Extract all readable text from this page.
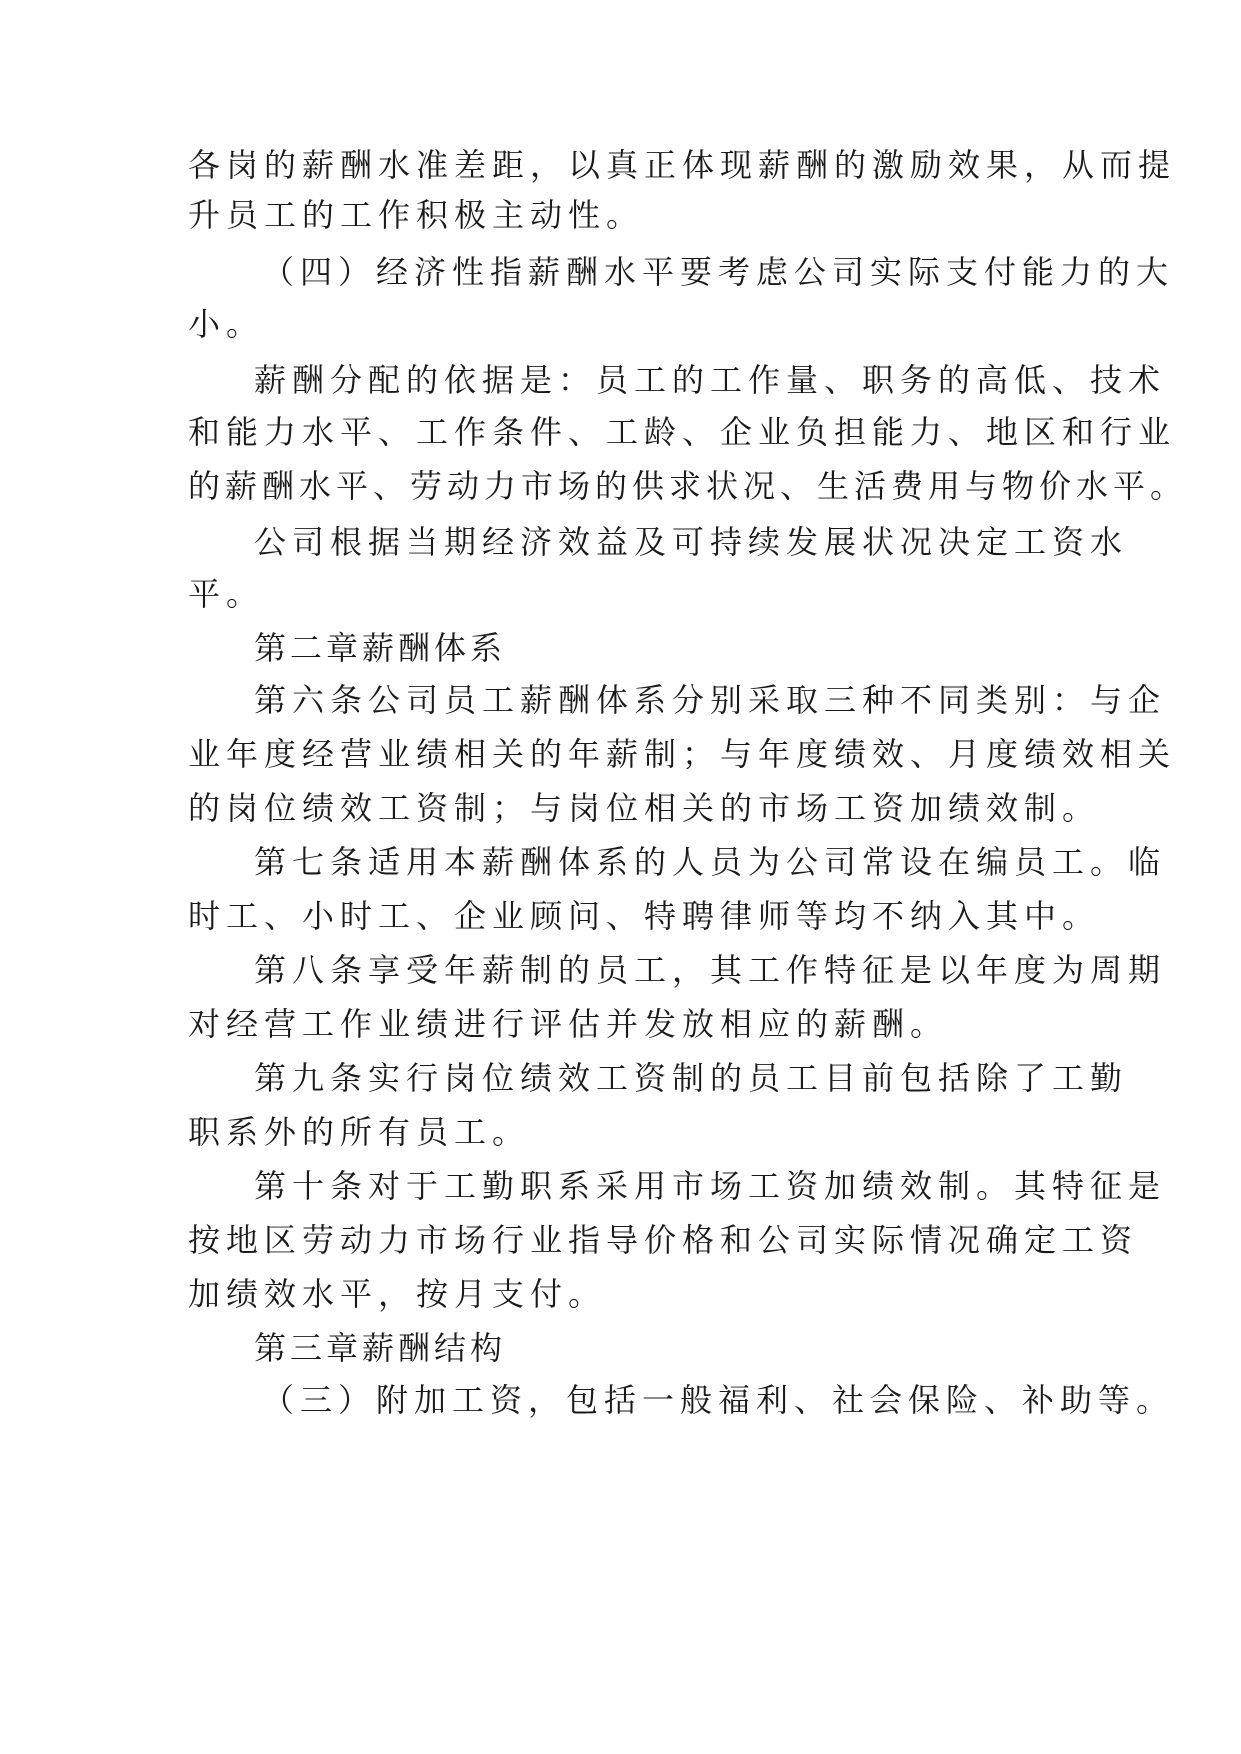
各岗的薪酬水准差距，以真正体现薪酬的激励效果，从而提
升员工的工作积极主动性。
（四）经济性指薪酬水平要考虑公司实际支付能力的大
小。
薪酬分配的依据是：员工的工作量、职务的高低、技术
和能力水平、工作条件、工龄、企业负担能力、地区和行业
的薪酬水平、劳动力市场的供求状况、生活费用与物价水平。
公司根据当期经济效益及可持续发展状况决定工资水
平。
第二章薪酬体系
第六条公司员工薪酬体系分别采取三种不同类别：与企
业年度经营业绩相关的年薪制；与年度绩效、月度绩效相关
的岗位绩效工资制；与岗位相关的市场工资加绩效制。
第七条适用本薪酬体系的人员为公司常设在编员工。临
时工、小时工、企业顾问、特聘律师等均不纳入其中。
第八条享受年薪制的员工，其工作特征是以年度为周期
对经营工作业绩进行评估并发放相应的薪酬。
第九条实行岗位绩效工资制的员工目前包括除了工勤
职系外的所有员工。
第十条对于工勤职系采用市场工资加绩效制。其特征是
按地区劳动力市场行业指导价格和公司实际情况确定工资
加绩效水平，按月支付。
第三章薪酬结构
（三）附加工资，包括一般福利、社会保险、补助等。
